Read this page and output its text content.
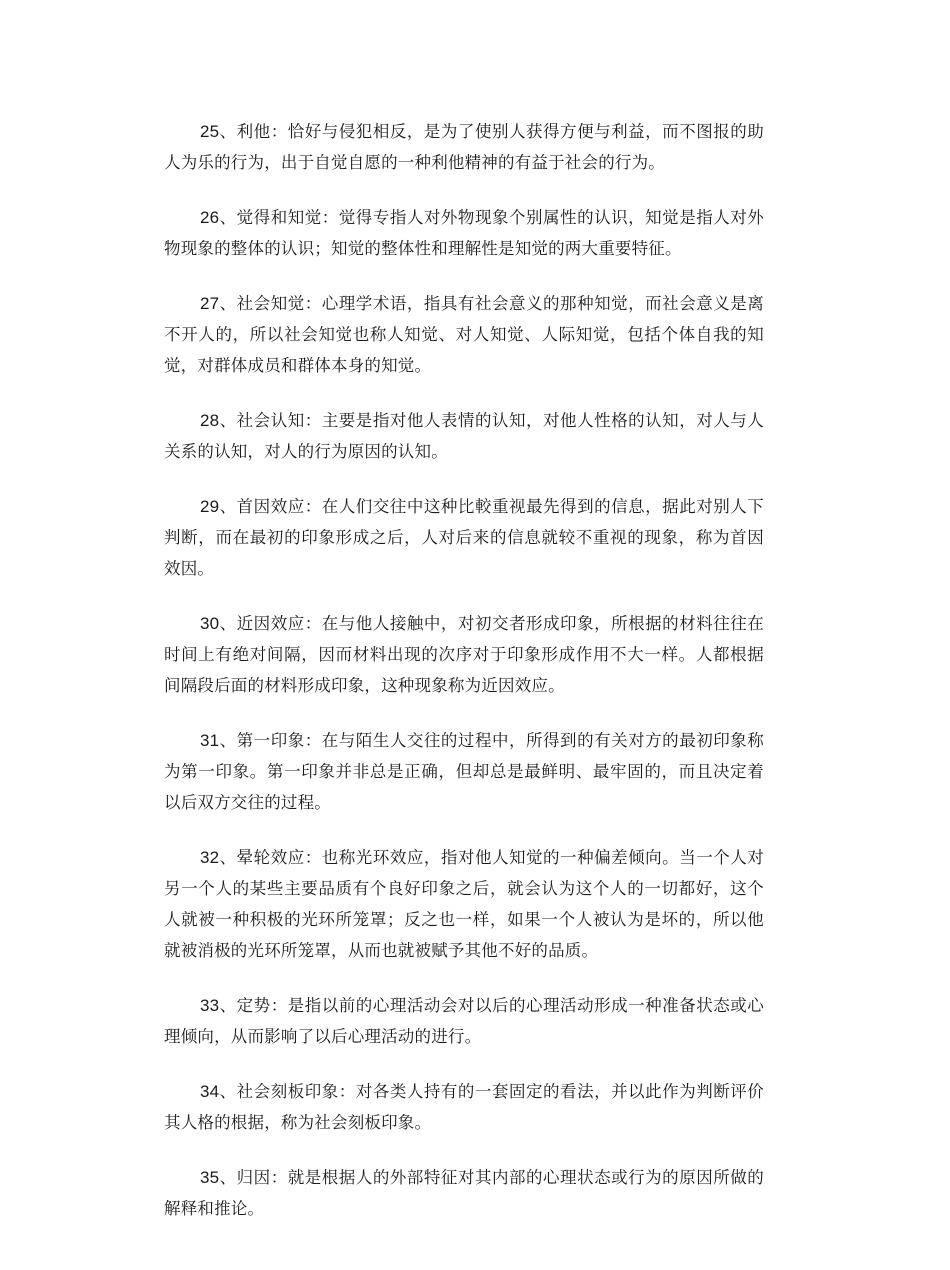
25、利他：恰好与侵犯相反，是为了使别人获得方便与利益，而不图报的助人为乐的行为，出于自觉自愿的一种利他精神的有益于社会的行为。

26、觉得和知觉：觉得专指人对外物现象个别属性的认识，知觉是指人对外物现象的整体的认识；知觉的整体性和理解性是知觉的两大重要特征。

27、社会知觉：心理学术语，指具有社会意义的那种知觉，而社会意义是离不开人的，所以社会知觉也称人知觉、对人知觉、人际知觉，包括个体自我的知觉，对群体成员和群体本身的知觉。

28、社会认知：主要是指对他人表情的认知，对他人性格的认知，对人与人关系的认知，对人的行为原因的认知。

29、首因效应：在人们交往中这种比較重视最先得到的信息，据此对别人下判断，而在最初的印象形成之后，人对后来的信息就较不重视的现象，称为首因效因。

30、近因效应：在与他人接触中，对初交者形成印象，所根据的材料往往在时间上有绝对间隔，因而材料出现的次序对于印象形成作用不大一样。人都根据间隔段后面的材料形成印象，这种现象称为近因效应。

31、第一印象：在与陌生人交往的过程中，所得到的有关对方的最初印象称为第一印象。第一印象并非总是正确，但却总是最鲜明、最牢固的，而且决定着以后双方交往的过程。

32、晕轮效应：也称光环效应，指对他人知觉的一种偏差倾向。当一个人对另一个人的某些主要品质有个良好印象之后，就会认为这个人的一切都好，这个人就被一种积极的光环所笼罩；反之也一样，如果一个人被认为是坏的，所以他就被消极的光环所笼罩，从而也就被赋予其他不好的品质。

33、定势：是指以前的心理活动会对以后的心理活动形成一种准备状态或心理倾向，从而影响了以后心理活动的进行。

34、社会刻板印象：对各类人持有的一套固定的看法，并以此作为判断评价其人格的根据，称为社会刻板印象。

35、归因：就是根据人的外部特征对其内部的心理状态或行为的原因所做的解释和推论。
